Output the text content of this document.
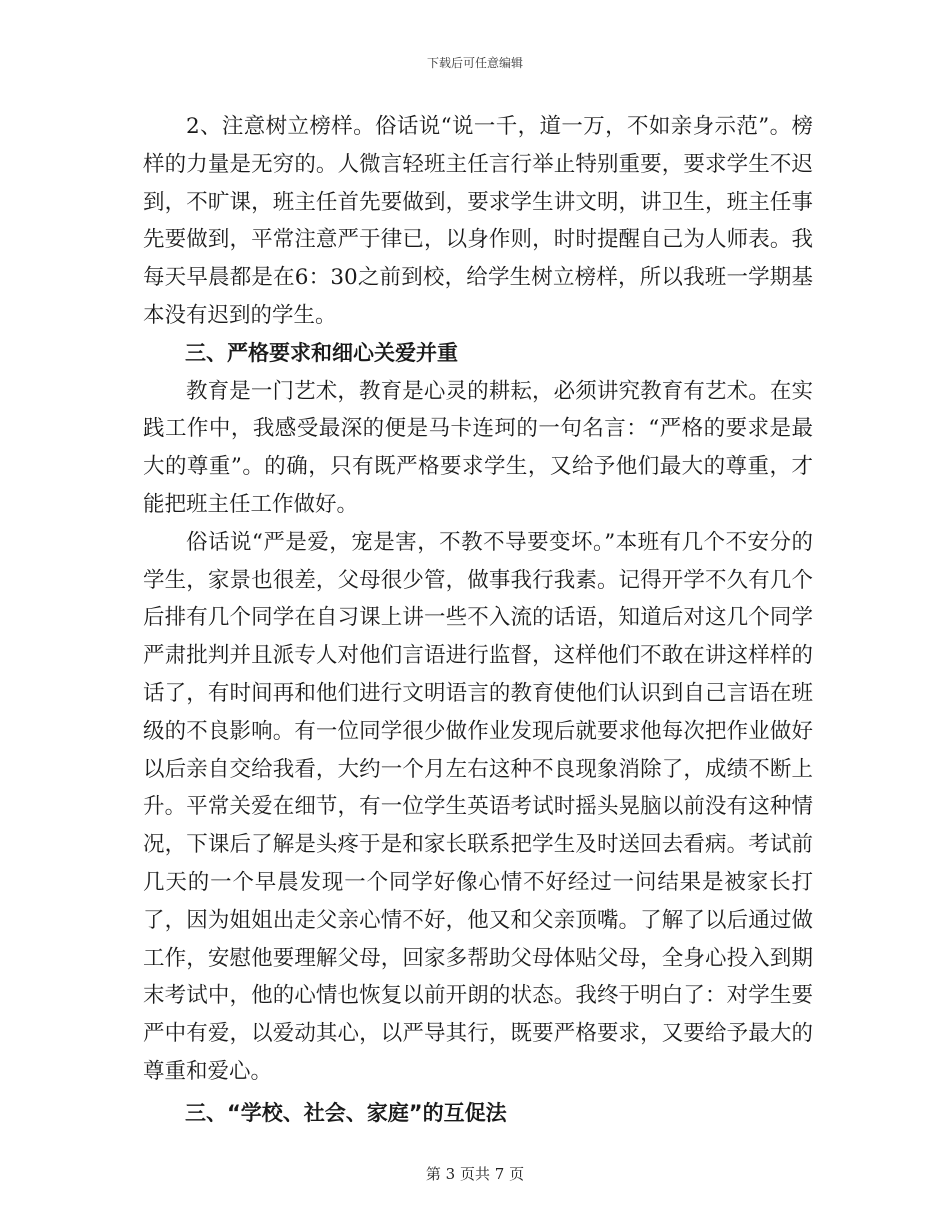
下载后可任意编辑

2、注意树立榜样。俗话说“说一千，道一万，不如亲身示范”。榜样的力量是无穷的。人微言轻班主任言行举止特别重要，要求学生不迟到，不旷课，班主任首先要做到，要求学生讲文明，讲卫生，班主任事先要做到，平常注意严于律已，以身作则，时时提醒自己为人师表。我每天早晨都是在6：30之前到校，给学生树立榜样，所以我班一学期基本没有迟到的学生。

三、严格要求和细心关爱并重

教育是一门艺术，教育是心灵的耕耘，必须讲究教育有艺术。在实践工作中，我感受最深的便是马卡连珂的一句名言：“严格的要求是最大的尊重”。的确，只有既严格要求学生，又给予他们最大的尊重，才能把班主任工作做好。

俗话说“严是爱，宠是害，不教不导要变坏。”本班有几个不安分的学生，家景也很差，父母很少管，做事我行我素。记得开学不久有几个后排有几个同学在自习课上讲一些不入流的话语，知道后对这几个同学严肃批判并且派专人对他们言语进行监督，这样他们不敢在讲这样样的话了，有时间再和他们进行文明语言的教育使他们认识到自己言语在班级的不良影响。有一位同学很少做作业发现后就要求他每次把作业做好以后亲自交给我看，大约一个月左右这种不良现象消除了，成绩不断上升。平常关爱在细节，有一位学生英语考试时摇头晃脑以前没有这种情况，下课后了解是头疼于是和家长联系把学生及时送回去看病。考试前几天的一个早晨发现一个同学好像心情不好经过一问结果是被家长打了，因为姐姐出走父亲心情不好，他又和父亲顶嘴。了解了以后通过做工作，安慰他要理解父母，回家多帮助父母体贴父母，全身心投入到期末考试中，他的心情也恢复以前开朗的状态。我终于明白了：对学生要严中有爱，以爱动其心，以严导其行，既要严格要求，又要给予最大的尊重和爱心。

三、“学校、社会、家庭”的互促法

第 3 页共 7 页
